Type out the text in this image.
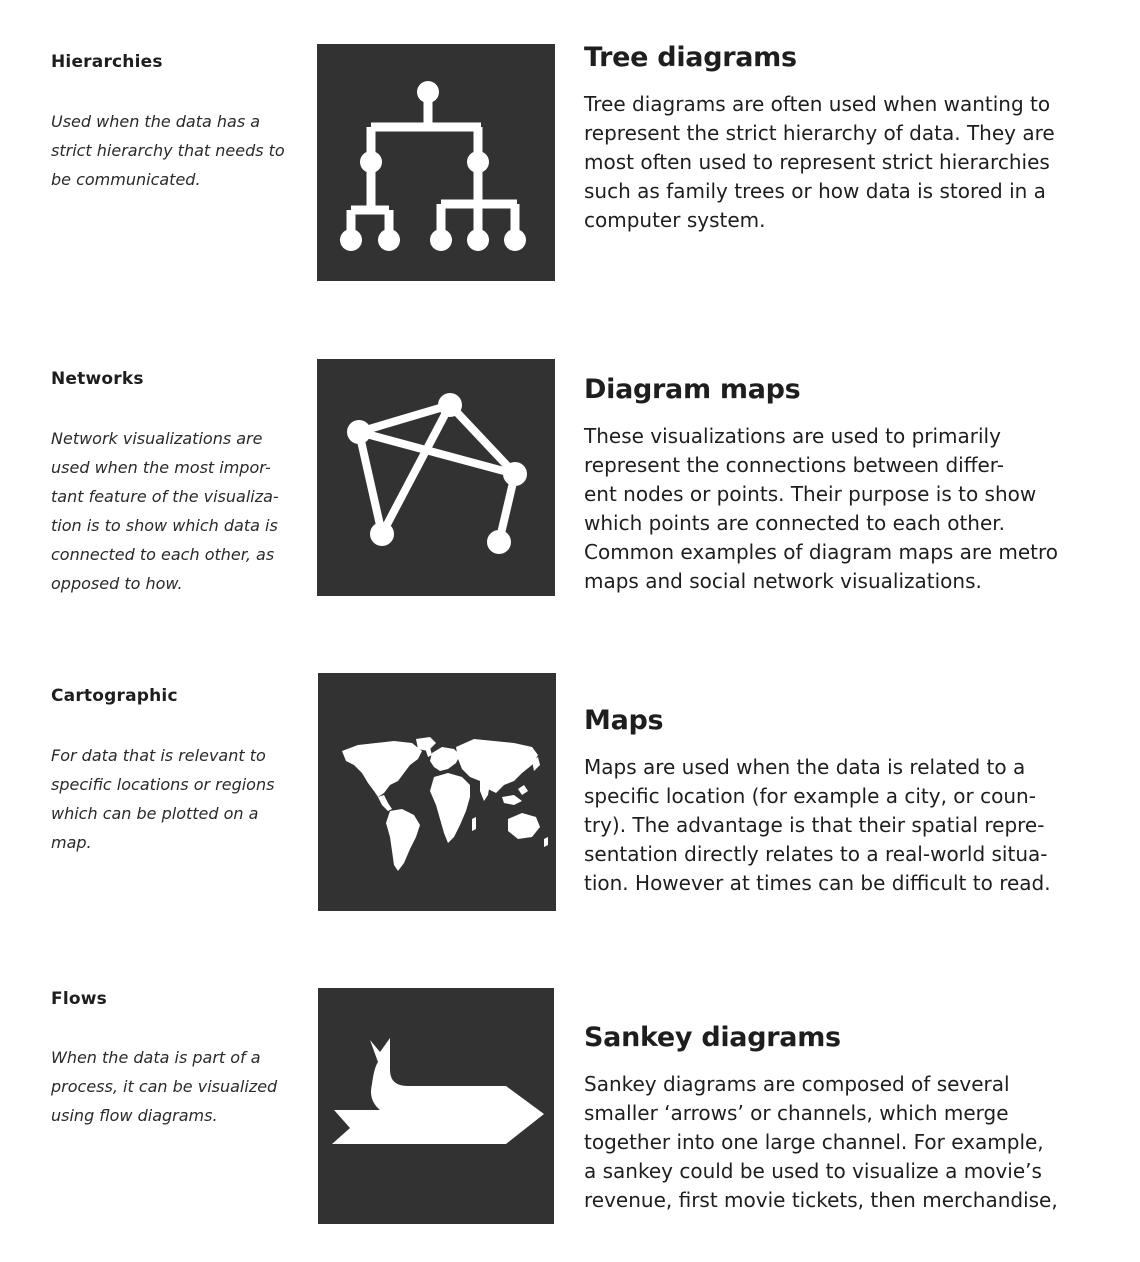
Hierarchies
Used when the data has a
strict hierarchy that needs to
be communicated.
Tree diagrams
Tree diagrams are often used when wanting to
represent the strict hierarchy of data. They are
most often used to represent strict hierarchies
such as family trees or how data is stored in a
computer system.
Networks
Network visualizations are
used when the most impor-
tant feature of the visualiza-
tion is to show which data is
connected to each other, as
opposed to how.
Diagram maps
These visualizations are used to primarily
represent the connections between differ-
ent nodes or points. Their purpose is to show
which points are connected to each other.
Common examples of diagram maps are metro
maps and social network visualizations.
Cartographic
For data that is relevant to
specific locations or regions
which can be plotted on a
map.
Maps
Maps are used when the data is related to a
specific location (for example a city, or coun-
try). The advantage is that their spatial repre-
sentation directly relates to a real-world situa-
tion. However at times can be difficult to read.
Flows
When the data is part of a
process, it can be visualized
using flow diagrams.
Sankey diagrams
Sankey diagrams are composed of several
smaller ‘arrows’ or channels, which merge
together into one large channel. For example,
a sankey could be used to visualize a movie’s
revenue, first movie tickets, then merchandise,
